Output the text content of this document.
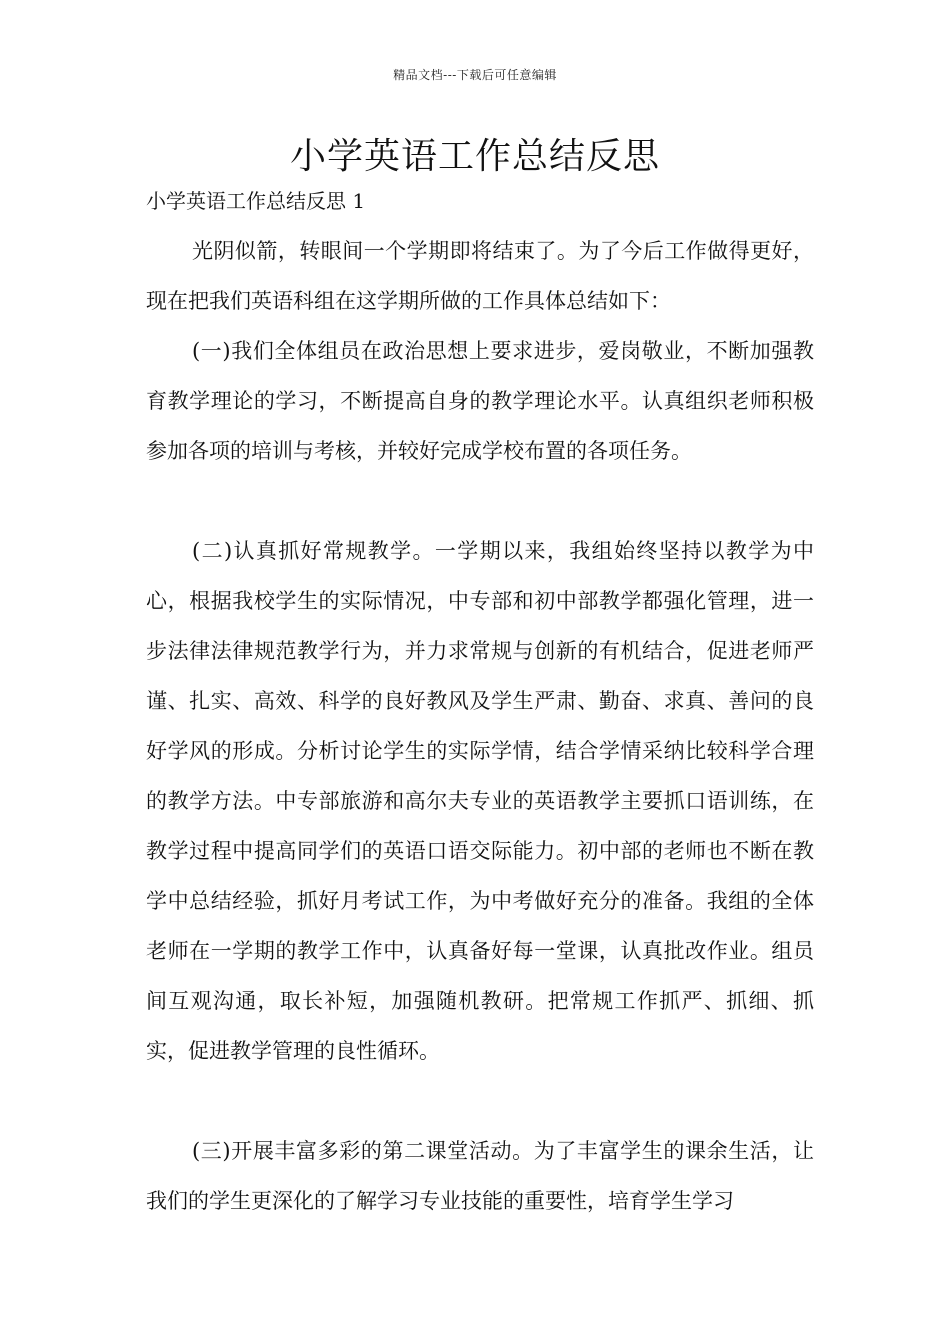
精品文档---下载后可任意编辑
小学英语工作总结反思
小学英语工作总结反思 1

光阴似箭，转眼间一个学期即将结束了。为了今后工作做得更好，现在把我们英语科组在这学期所做的工作具体总结如下：

(一)我们全体组员在政治思想上要求进步，爱岗敬业，不断加强教育教学理论的学习，不断提高自身的教学理论水平。认真组织老师积极参加各项的培训与考核，并较好完成学校布置的各项任务。

(二)认真抓好常规教学。一学期以来，我组始终坚持以教学为中心，根据我校学生的实际情况，中专部和初中部教学都强化管理，进一步法律法律规范教学行为，并力求常规与创新的有机结合，促进老师严谨、扎实、高效、科学的良好教风及学生严肃、勤奋、求真、善问的良好学风的形成。分析讨论学生的实际学情，结合学情采纳比较科学合理的教学方法。中专部旅游和高尔夫专业的英语教学主要抓口语训练，在教学过程中提高同学们的英语口语交际能力。初中部的老师也不断在教学中总结经验，抓好月考试工作，为中考做好充分的准备。我组的全体老师在一学期的教学工作中，认真备好每一堂课，认真批改作业。组员间互观沟通，取长补短，加强随机教研。把常规工作抓严、抓细、抓实，促进教学管理的良性循环。

(三)开展丰富多彩的第二课堂活动。为了丰富学生的课余生活，让我们的学生更深化的了解学习专业技能的重要性，培育学生学习
